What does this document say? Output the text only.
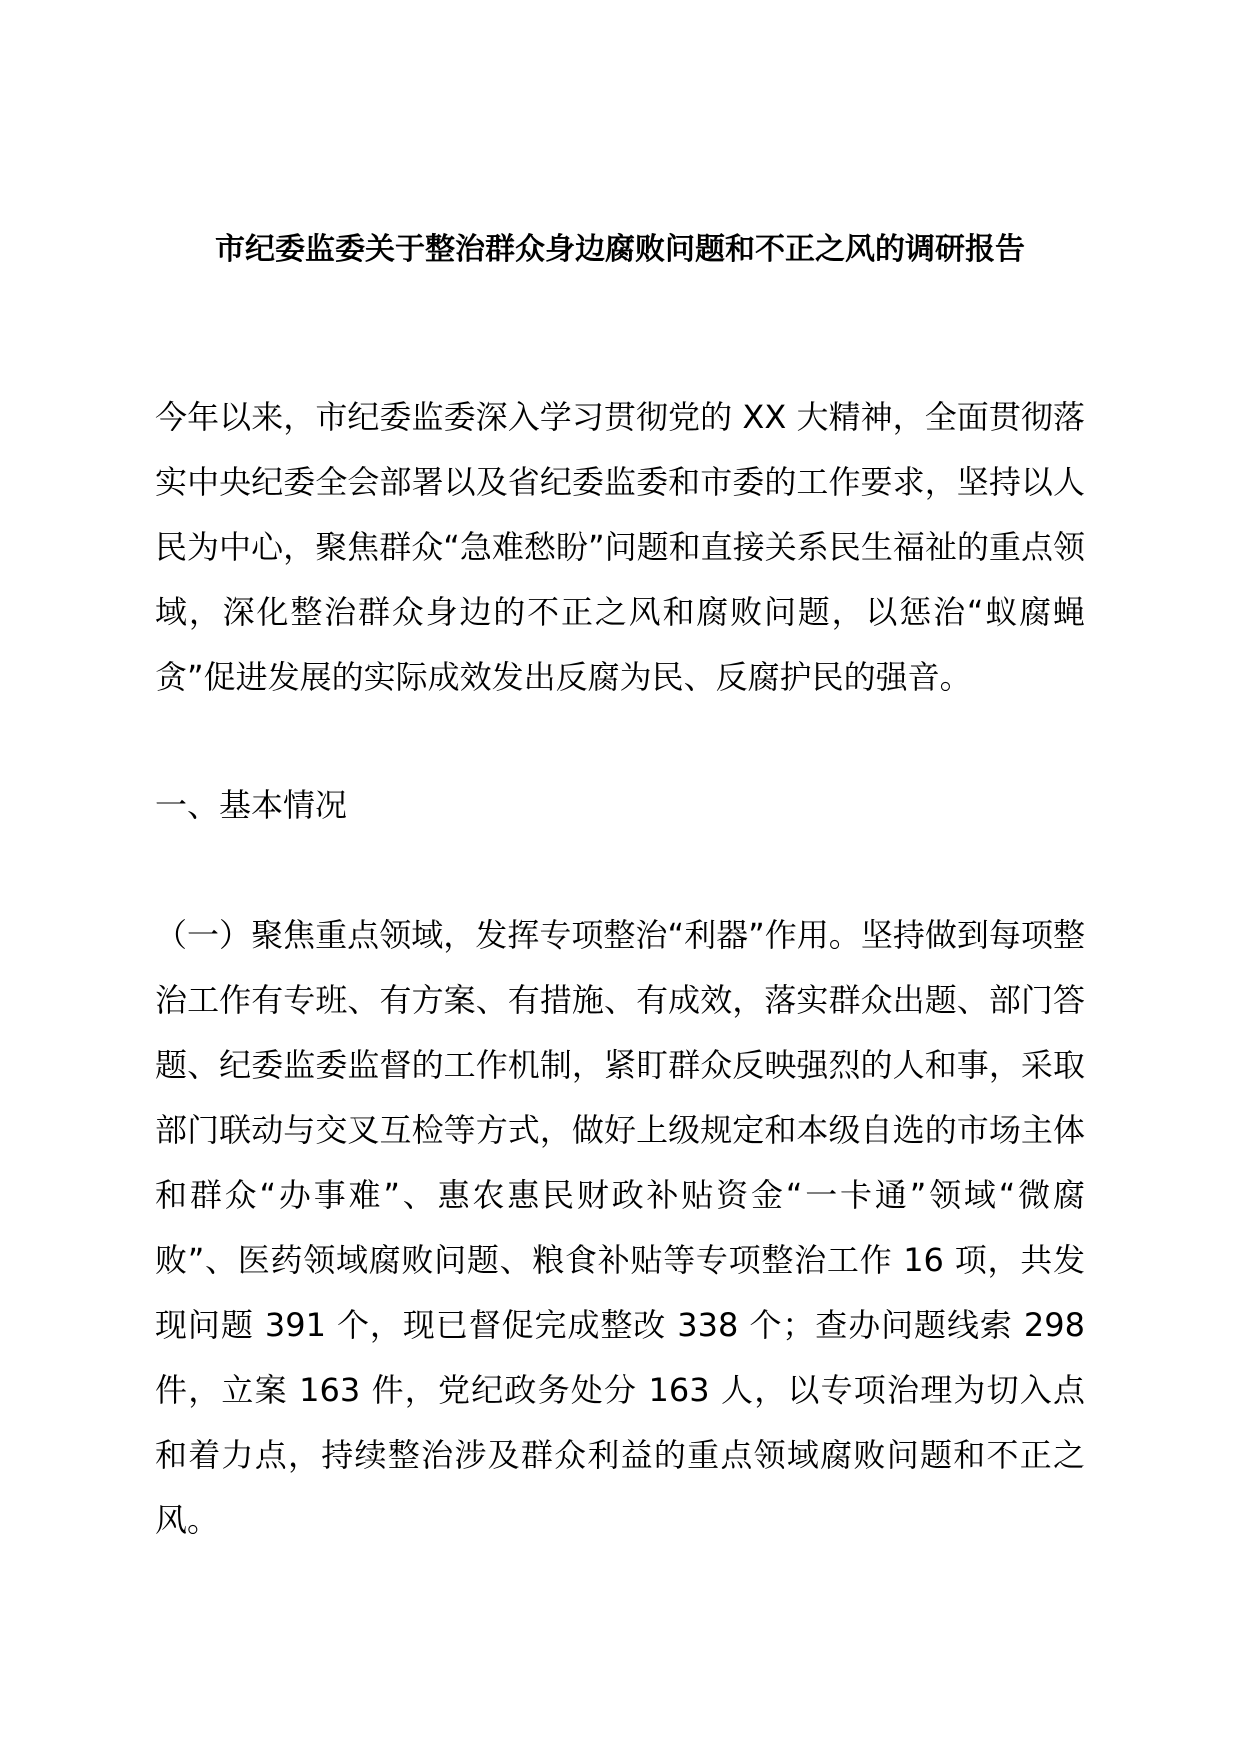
市纪委监委关于整治群众身边腐败问题和不正之风的调研报告
今年以来，市纪委监委深入学习贯彻党的 XX 大精神，全面贯彻落实中央纪委全会部署以及省纪委监委和市委的工作要求，坚持以人民为中心，聚焦群众“急难愁盼”问题和直接关系民生福祉的重点领域，深化整治群众身边的不正之风和腐败问题，以惩治“蚁腐蝇贪”促进发展的实际成效发出反腐为民、反腐护民的强音。
一、基本情况
（一）聚焦重点领域，发挥专项整治“利器”作用。坚持做到每项整治工作有专班、有方案、有措施、有成效，落实群众出题、部门答题、纪委监委监督的工作机制，紧盯群众反映强烈的人和事，采取部门联动与交叉互检等方式，做好上级规定和本级自选的市场主体和群众“办事难”、惠农惠民财政补贴资金“一卡通”领域“微腐败”、医药领域腐败问题、粮食补贴等专项整治工作 16 项，共发现问题 391 个，现已督促完成整改 338 个；查办问题线索 298 件，立案 163 件，党纪政务处分 163 人，以专项治理为切入点和着力点，持续整治涉及群众利益的重点领域腐败问题和不正之风。
